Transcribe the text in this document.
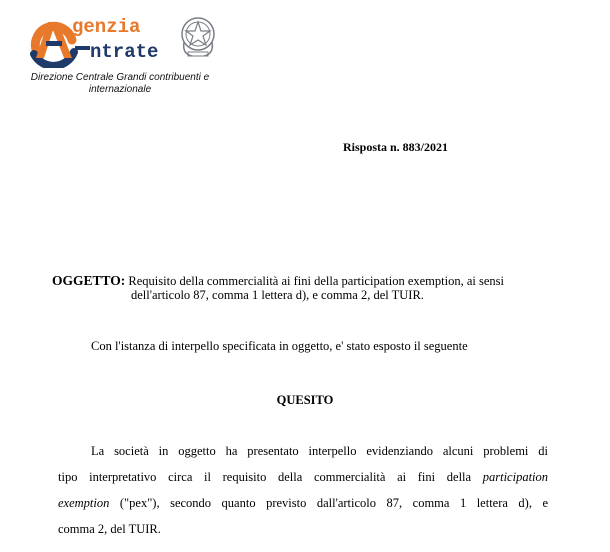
genzia
ntrate
Direzione Centrale Grandi contribuenti e internazionale
Risposta n. 883/2021
OGGETTO: Requisito della commercialità ai fini della participation exemption, ai sensi
dell'articolo 87, comma 1 lettera d), e comma 2, del TUIR.
Con l'istanza di interpello specificata in oggetto, e' stato esposto il seguente
QUESITO
La società in oggetto ha presentato interpello evidenziando alcuni problemi di
tipo interpretativo circa il requisito della commercialità ai fini della participation
exemption ("pex"), secondo quanto previsto dall'articolo 87, comma 1 lettera d), e
comma 2, del TUIR.
